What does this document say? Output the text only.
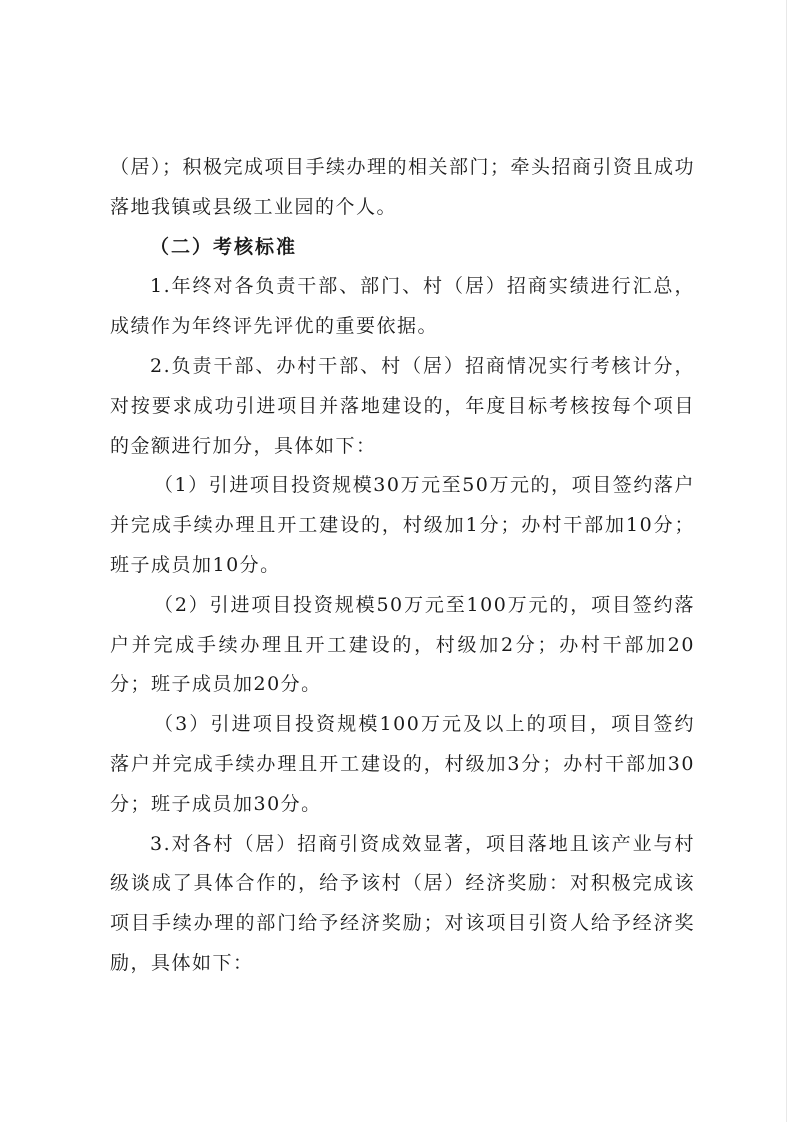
（居）；积极完成项目手续办理的相关部门；牵头招商引资且成功落地我镇或县级工业园的个人。

（二）考核标准

1.年终对各负责干部、部门、村（居）招商实绩进行汇总，成绩作为年终评先评优的重要依据。

2.负责干部、办村干部、村（居）招商情况实行考核计分，对按要求成功引进项目并落地建设的，年度目标考核按每个项目的金额进行加分，具体如下：

（1）引进项目投资规模30万元至50万元的，项目签约落户并完成手续办理且开工建设的，村级加1分；办村干部加10分；班子成员加10分。

（2）引进项目投资规模50万元至100万元的，项目签约落户并完成手续办理且开工建设的，村级加2分；办村干部加20分；班子成员加20分。

（3）引进项目投资规模100万元及以上的项目，项目签约落户并完成手续办理且开工建设的，村级加3分；办村干部加30分；班子成员加30分。

3.对各村（居）招商引资成效显著，项目落地且该产业与村级谈成了具体合作的，给予该村（居）经济奖励：对积极完成该项目手续办理的部门给予经济奖励；对该项目引资人给予经济奖励，具体如下：
